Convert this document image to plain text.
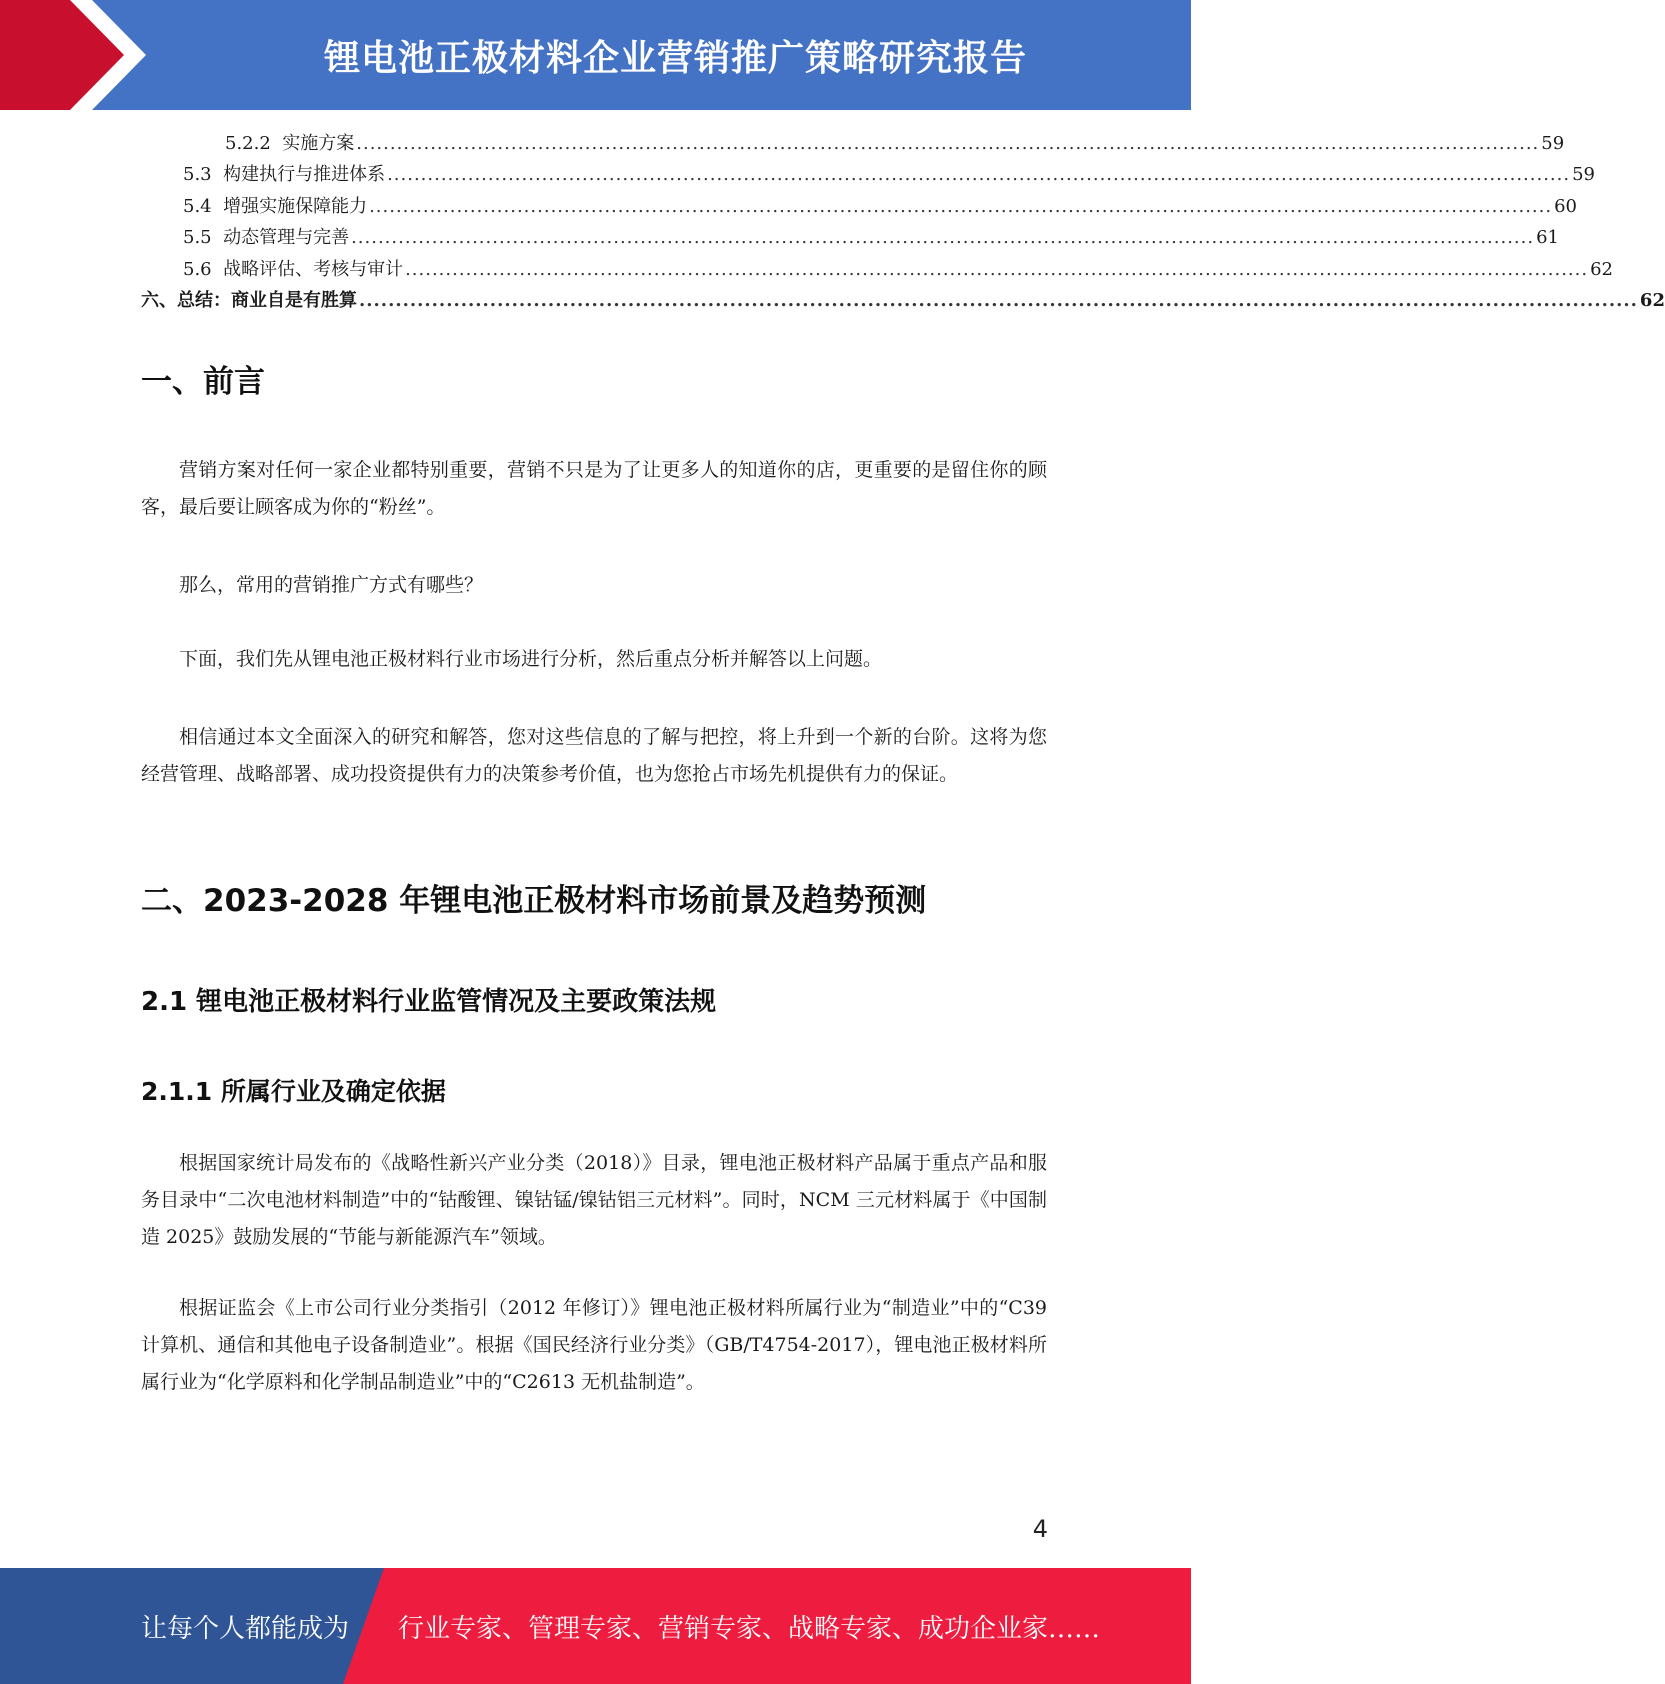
锂电池正极材料企业营销推广策略研究报告
5.2.2  实施方案 ................................................................................................................................................................................ 59
5.3  构建执行与推进体系 ................................................................................................................................................................................ 59
5.4  增强实施保障能力 ................................................................................................................................................................................ 60
5.5  动态管理与完善 ................................................................................................................................................................................ 61
5.6  战略评估、考核与审计 ................................................................................................................................................................................ 62
六、总结：商业自是有胜算 ................................................................................................................................................................................ 62
一、前言
营销方案对任何一家企业都特别重要，营销不只是为了让更多人的知道你的店，更重要的是留住你的顾客，最后要让顾客成为你的“粉丝”。
那么，常用的营销推广方式有哪些？
下面，我们先从锂电池正极材料行业市场进行分析，然后重点分析并解答以上问题。
相信通过本文全面深入的研究和解答，您对这些信息的了解与把控，将上升到一个新的台阶。这将为您经营管理、战略部署、成功投资提供有力的决策参考价值，也为您抢占市场先机提供有力的保证。
二、2023-2028 年锂电池正极材料市场前景及趋势预测
2.1 锂电池正极材料行业监管情况及主要政策法规
2.1.1 所属行业及确定依据
根据国家统计局发布的《战略性新兴产业分类（2018）》目录，锂电池正极材料产品属于重点产品和服务目录中“二次电池材料制造”中的“钴酸锂、镍钴锰/镍钴铝三元材料”。同时，NCM 三元材料属于《中国制造 2025》鼓励发展的“节能与新能源汽车”领域。
根据证监会《上市公司行业分类指引（2012 年修订）》锂电池正极材料所属行业为“制造业”中的“C39 计算机、通信和其他电子设备制造业”。根据《国民经济行业分类》（GB/T4754-2017），锂电池正极材料所属行业为“化学原料和化学制品制造业”中的“C2613 无机盐制造”。
4
让每个人都能成为 行业专家、管理专家、营销专家、战略专家、成功企业家……
